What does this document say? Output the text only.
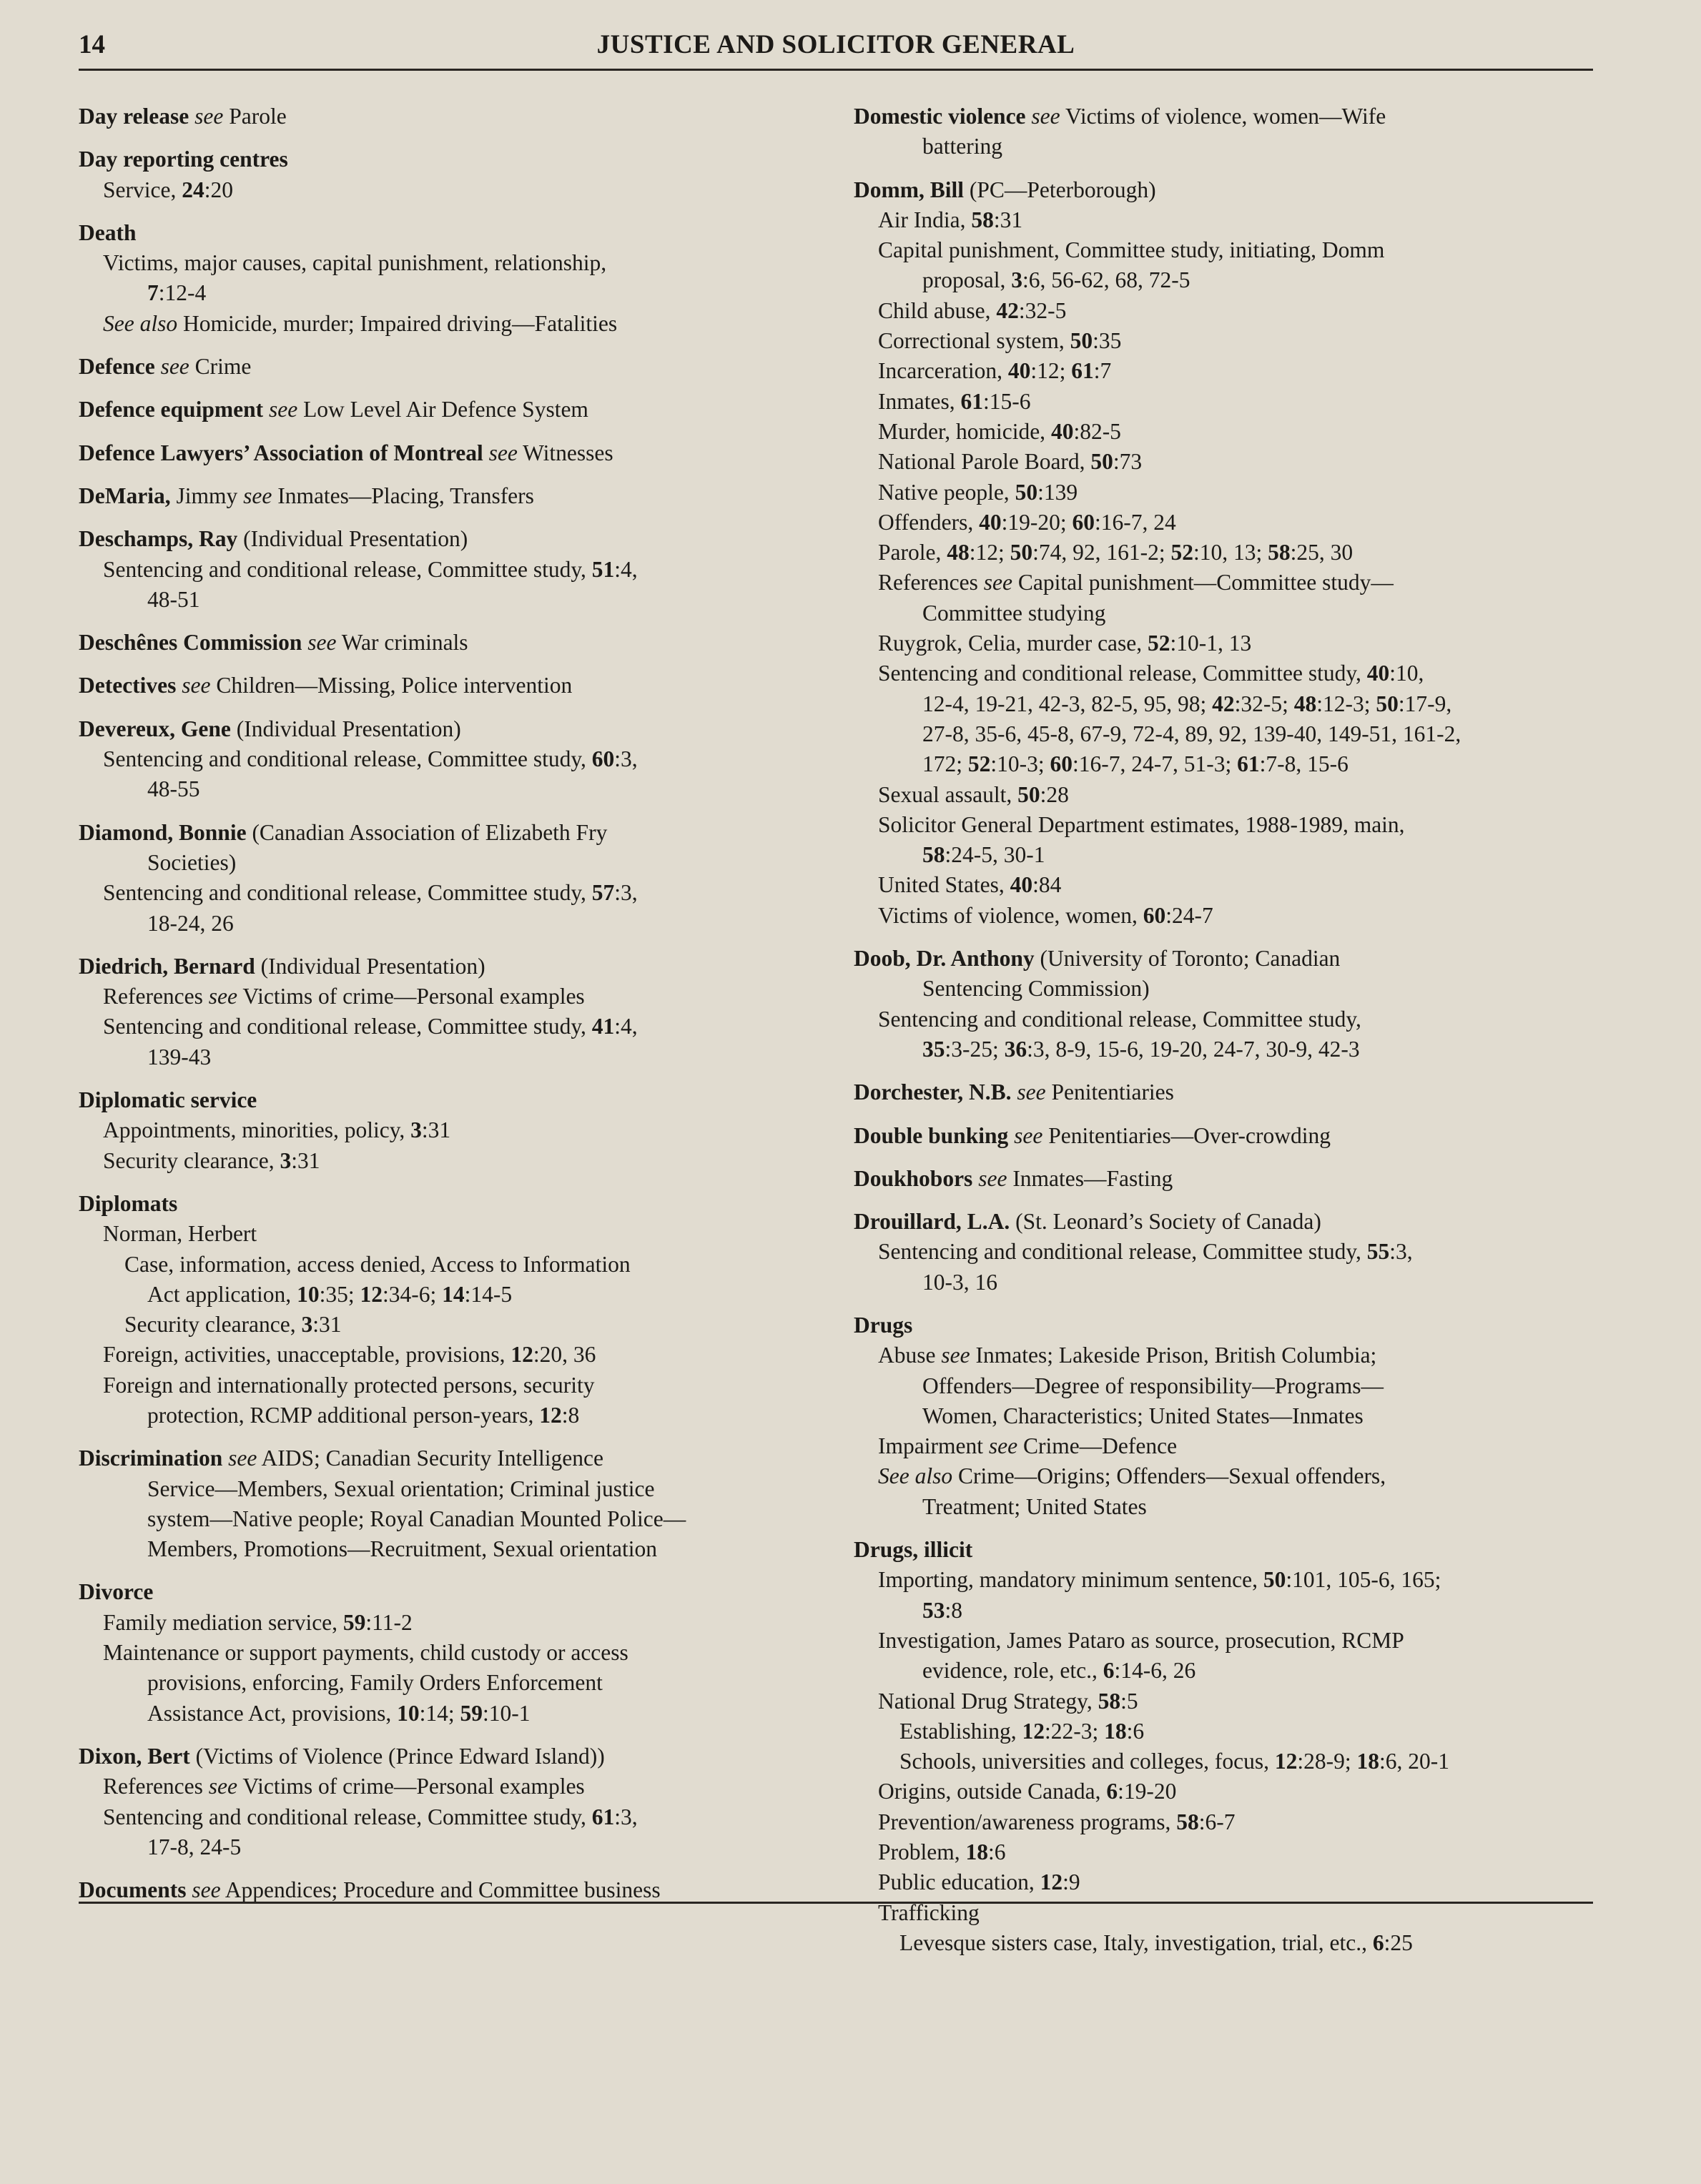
14	JUSTICE AND SOLICITOR GENERAL
Day release see Parole
Day reporting centres
Service, 24:20
Death
Victims, major causes, capital punishment, relationship,
7:12-4
See also Homicide, murder; Impaired driving—Fatalities
Defence see Crime
Defence equipment see Low Level Air Defence System
Defence Lawyers’ Association of Montreal see Witnesses
DeMaria, Jimmy see Inmates—Placing, Transfers
Deschamps, Ray (Individual Presentation)
Sentencing and conditional release, Committee study, 51:4,
48-51
Deschênes Commission see War criminals
Detectives see Children—Missing, Police intervention
Devereux, Gene (Individual Presentation)
Sentencing and conditional release, Committee study, 60:3,
48-55
Diamond, Bonnie (Canadian Association of Elizabeth Fry
Societies)
Sentencing and conditional release, Committee study, 57:3,
18-24, 26
Diedrich, Bernard (Individual Presentation)
References see Victims of crime—Personal examples
Sentencing and conditional release, Committee study, 41:4,
139-43
Diplomatic service
Appointments, minorities, policy, 3:31
Security clearance, 3:31
Diplomats
Norman, Herbert
Case, information, access denied, Access to Information
Act application, 10:35; 12:34-6; 14:14-5
Security clearance, 3:31
Foreign, activities, unacceptable, provisions, 12:20, 36
Foreign and internationally protected persons, security
protection, RCMP additional person-years, 12:8
Discrimination see AIDS; Canadian Security Intelligence
Service—Members, Sexual orientation; Criminal justice
system—Native people; Royal Canadian Mounted Police—
Members, Promotions—Recruitment, Sexual orientation
Divorce
Family mediation service, 59:11-2
Maintenance or support payments, child custody or access
provisions, enforcing, Family Orders Enforcement
Assistance Act, provisions, 10:14; 59:10-1
Dixon, Bert (Victims of Violence (Prince Edward Island))
References see Victims of crime—Personal examples
Sentencing and conditional release, Committee study, 61:3,
17-8, 24-5
Documents see Appendices; Procedure and Committee business
Domestic violence see Victims of violence, women—Wife
battering
Domm, Bill (PC—Peterborough)
Air India, 58:31
Capital punishment, Committee study, initiating, Domm
proposal, 3:6, 56-62, 68, 72-5
Child abuse, 42:32-5
Correctional system, 50:35
Incarceration, 40:12; 61:7
Inmates, 61:15-6
Murder, homicide, 40:82-5
National Parole Board, 50:73
Native people, 50:139
Offenders, 40:19-20; 60:16-7, 24
Parole, 48:12; 50:74, 92, 161-2; 52:10, 13; 58:25, 30
References see Capital punishment—Committee study—
Committee studying
Ruygrok, Celia, murder case, 52:10-1, 13
Sentencing and conditional release, Committee study, 40:10,
12-4, 19-21, 42-3, 82-5, 95, 98; 42:32-5; 48:12-3; 50:17-9,
27-8, 35-6, 45-8, 67-9, 72-4, 89, 92, 139-40, 149-51, 161-2,
172; 52:10-3; 60:16-7, 24-7, 51-3; 61:7-8, 15-6
Sexual assault, 50:28
Solicitor General Department estimates, 1988-1989, main,
58:24-5, 30-1
United States, 40:84
Victims of violence, women, 60:24-7
Doob, Dr. Anthony (University of Toronto; Canadian
Sentencing Commission)
Sentencing and conditional release, Committee study,
35:3-25; 36:3, 8-9, 15-6, 19-20, 24-7, 30-9, 42-3
Dorchester, N.B. see Penitentiaries
Double bunking see Penitentiaries—Over-crowding
Doukhobors see Inmates—Fasting
Drouillard, L.A. (St. Leonard’s Society of Canada)
Sentencing and conditional release, Committee study, 55:3,
10-3, 16
Drugs
Abuse see Inmates; Lakeside Prison, British Columbia;
Offenders—Degree of responsibility—Programs—
Women, Characteristics; United States—Inmates
Impairment see Crime—Defence
See also Crime—Origins; Offenders—Sexual offenders,
Treatment; United States
Drugs, illicit
Importing, mandatory minimum sentence, 50:101, 105-6, 165;
53:8
Investigation, James Pataro as source, prosecution, RCMP
evidence, role, etc., 6:14-6, 26
National Drug Strategy, 58:5
Establishing, 12:22-3; 18:6
Schools, universities and colleges, focus, 12:28-9; 18:6, 20-1
Origins, outside Canada, 6:19-20
Prevention/awareness programs, 58:6-7
Problem, 18:6
Public education, 12:9
Trafficking
Levesque sisters case, Italy, investigation, trial, etc., 6:25
